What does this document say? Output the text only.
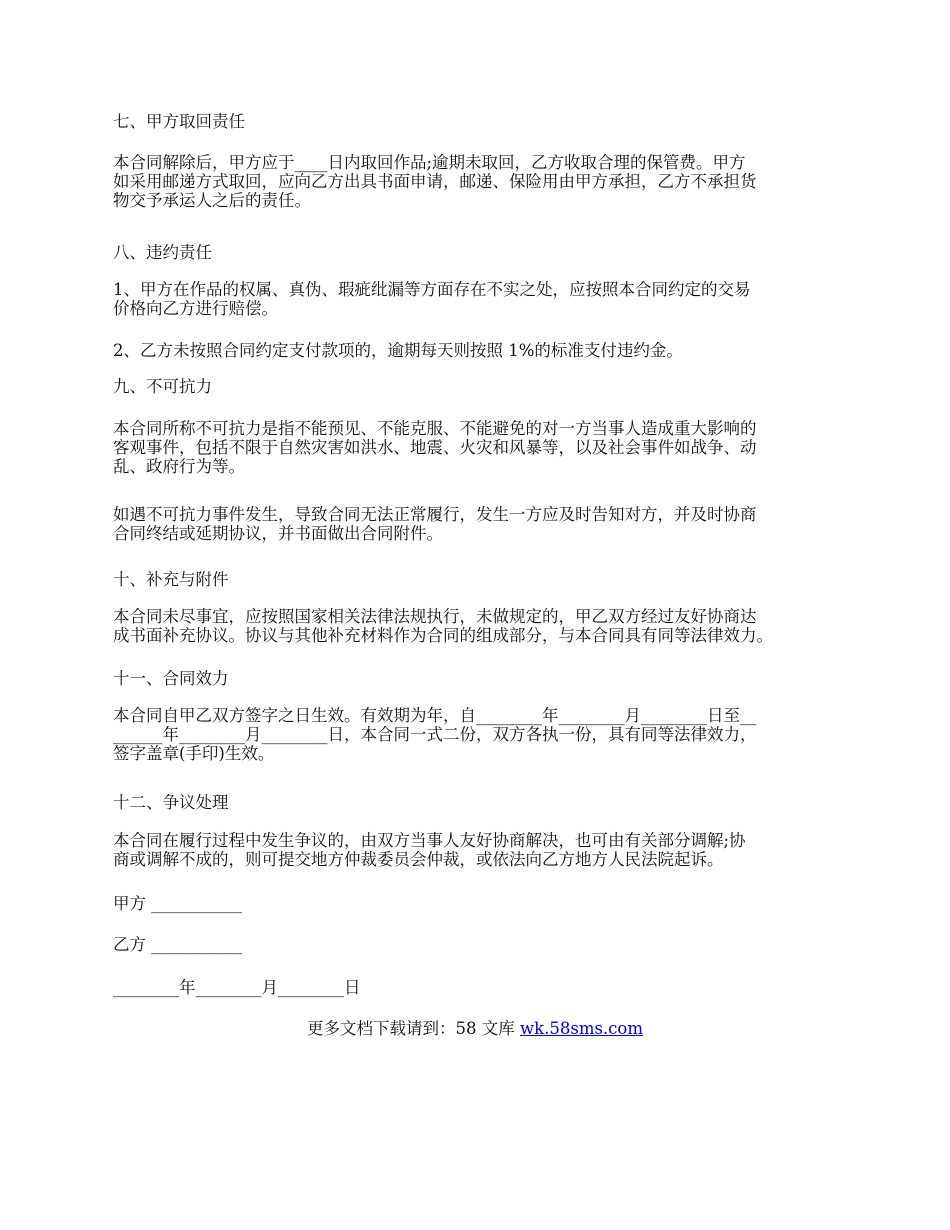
七、甲方取回责任

本合同解除后，甲方应于____日内取回作品;逾期未取回，乙方收取合理的保管费。甲方

如采用邮递方式取回，应向乙方出具书面申请，邮递、保险用由甲方承担，乙方不承担货

物交予承运人之后的责任。

八、违约责任

1、甲方在作品的权属、真伪、瑕疵纰漏等方面存在不实之处，应按照本合同约定的交易

价格向乙方进行赔偿。

2、乙方未按照合同约定支付款项的，逾期每天则按照 1%的标准支付违约金。

九、不可抗力

本合同所称不可抗力是指不能预见、不能克服、不能避免的对一方当事人造成重大影响的

客观事件，包括不限于自然灾害如洪水、地震、火灾和风暴等，以及社会事件如战争、动

乱、政府行为等。

如遇不可抗力事件发生，导致合同无法正常履行，发生一方应及时告知对方，并及时协商

合同终结或延期协议，并书面做出合同附件。

十、补充与附件

本合同未尽事宜，应按照国家相关法律法规执行，未做规定的，甲乙双方经过友好协商达

成书面补充协议。协议与其他补充材料作为合同的组成部分，与本合同具有同等法律效力。

十一、合同效力

本合同自甲乙双方签字之日生效。有效期为年，自________年________月________日至__

______年________月________日，本合同一式二份，双方各执一份，具有同等法律效力，

签字盖章(手印)生效。

十二、争议处理

本合同在履行过程中发生争议的，由双方当事人友好协商解决，也可由有关部分调解;协

商或调解不成的，则可提交地方仲裁委员会仲裁，或依法向乙方地方人民法院起诉。

甲方 ___________

乙方 ___________

________年________月________日

更多文档下载请到：58 文库 wk.58sms.com
